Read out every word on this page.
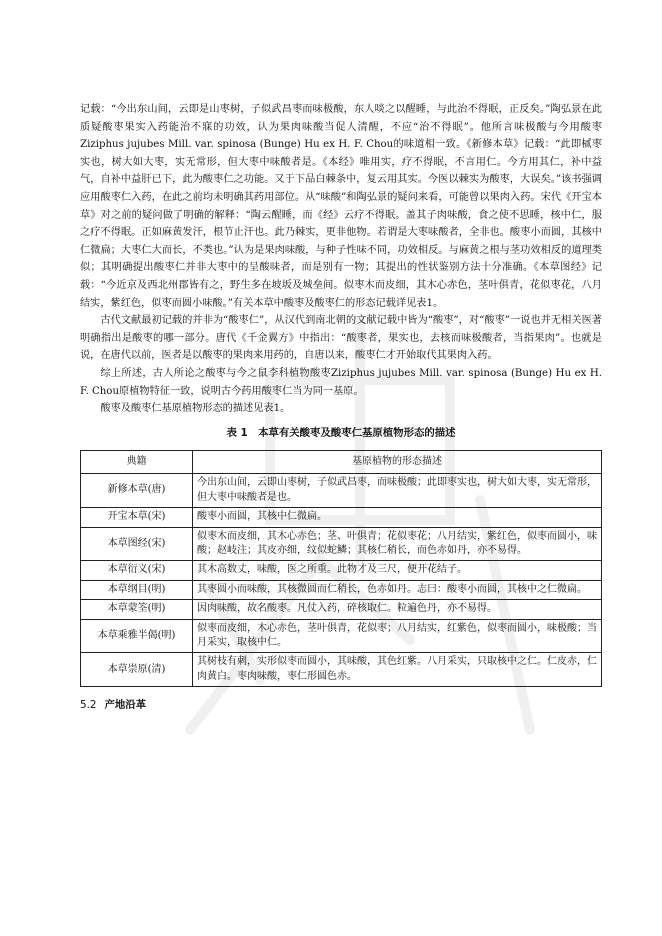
记载：“今出东山间，云即是山枣树，子似武昌枣而味极酸，东人啖之以醒睡，与此治不得眠，正反矣。”陶弘景在此质疑酸枣果实入药能治不寐的功效，认为果肉味酸当促人清醒，不应“治不得眠”。他所言味极酸与今用酸枣Ziziphus jujubes Mill. var. spinosa (Bunge) Hu ex H. F. Chou的味道相一致。《新修本草》记载：“此即樲枣实也，树大如大枣，实无常形，但大枣中味酸者是。《本经》唯用实，疗不得眠，不言用仁。今方用其仁，补中益气，自补中益肝已下，此为酸枣仁之功能。又于下品白棘条中，复云用其实。今医以棘实为酸枣，大误矣。”该书强调应用酸枣仁入药，在此之前均未明确其药用部位。从“味酸”和陶弘景的疑问来看，可能曾以果肉入药。宋代《开宝本草》对之前的疑问做了明确的解释：“陶云醒睡，而《经》云疗不得眠。盖其子肉味酸，食之使不思睡，核中仁，服之疗不得眠。正如麻黄发汗，根节止汗也。此乃棘实，更非他物。若谓是大枣味酸者，全非也。酸枣小而圆，其核中仁微扁；大枣仁大而长，不类也。”认为是果肉味酸，与种子性味不同，功效相反。与麻黄之根与茎功效相反的道理类似；其明确提出酸枣仁并非大枣中的呈酸味者，而是别有一物；其提出的性状鉴别方法十分准确。《本草图经》记载：“今近京及西北州郡皆有之，野生多在坡坂及城垒间。似枣木而皮细，其木心赤色，茎叶俱青，花似枣花，八月结实，紫红色，似枣而圆小味酸。”有关本草中酸枣及酸枣仁的形态记载详见表1。

古代文献最初记载的并非为“酸枣仁”，从汉代到南北朝的文献记载中皆为“酸枣”，对“酸枣”一说也并无相关医著明确指出是酸枣的哪一部分。唐代《千金翼方》中指出：“酸枣者，果实也，去核而味极酸者，当指果肉”。也就是说，在唐代以前，医者是以酸枣的果肉来用药的，自唐以来，酸枣仁才开始取代其果肉入药。

综上所述，古人所论之酸枣与今之鼠李科植物酸枣Ziziphus jujubes Mill. var. spinosa (Bunge) Hu ex H. F. Chou原植物特征一致，说明古今药用酸枣仁当为同一基原。

酸枣及酸枣仁基原植物形态的描述见表1。

表 1　本草有关酸枣及酸枣仁基原植物形态的描述
典籍	基原植物的形态描述
新修本草(唐)	今出东山间，云即山枣树，子似武昌枣，而味极酸；此即枣实也，树大如大枣，实无常形，但大枣中味酸者是也。
开宝本草(宋)	酸枣小而圆，其核中仁微扁。
本草图经(宋)	似枣木而皮细，其木心赤色；茎、叶俱青；花似枣花；八月结实，紫红色，似枣而圆小，味酸；赵岐注；其皮亦细，纹似蛇鳞；其核仁稍长，而色赤如丹，亦不易得。
本草衍义(宋)	其木高数丈，味酸，医之所重。此物才及三尺，便开花结子。
本草纲目(明)	其枣圆小而味酸，其核微圆而仁稍长，色赤如丹。志曰：酸枣小而圆，其核中之仁微扁。
本草蒙筌(明)	因肉味酸，故名酸枣。凡仗入药，碎核取仁。粒遍色丹，亦不易得。
本草乘雅半偈(明)	似枣而皮细，木心赤色，茎叶俱青，花似枣；八月结实，红紫色，似枣而圆小，味极酸；当月采实，取核中仁。
本草崇原(清)	其树枝有刺，实形似枣而圆小，其味酸，其色红紫。八月采实，只取核中之仁。仁皮赤，仁肉黄白。枣肉味酸，枣仁形圆色赤。
5.2 产地沿革
